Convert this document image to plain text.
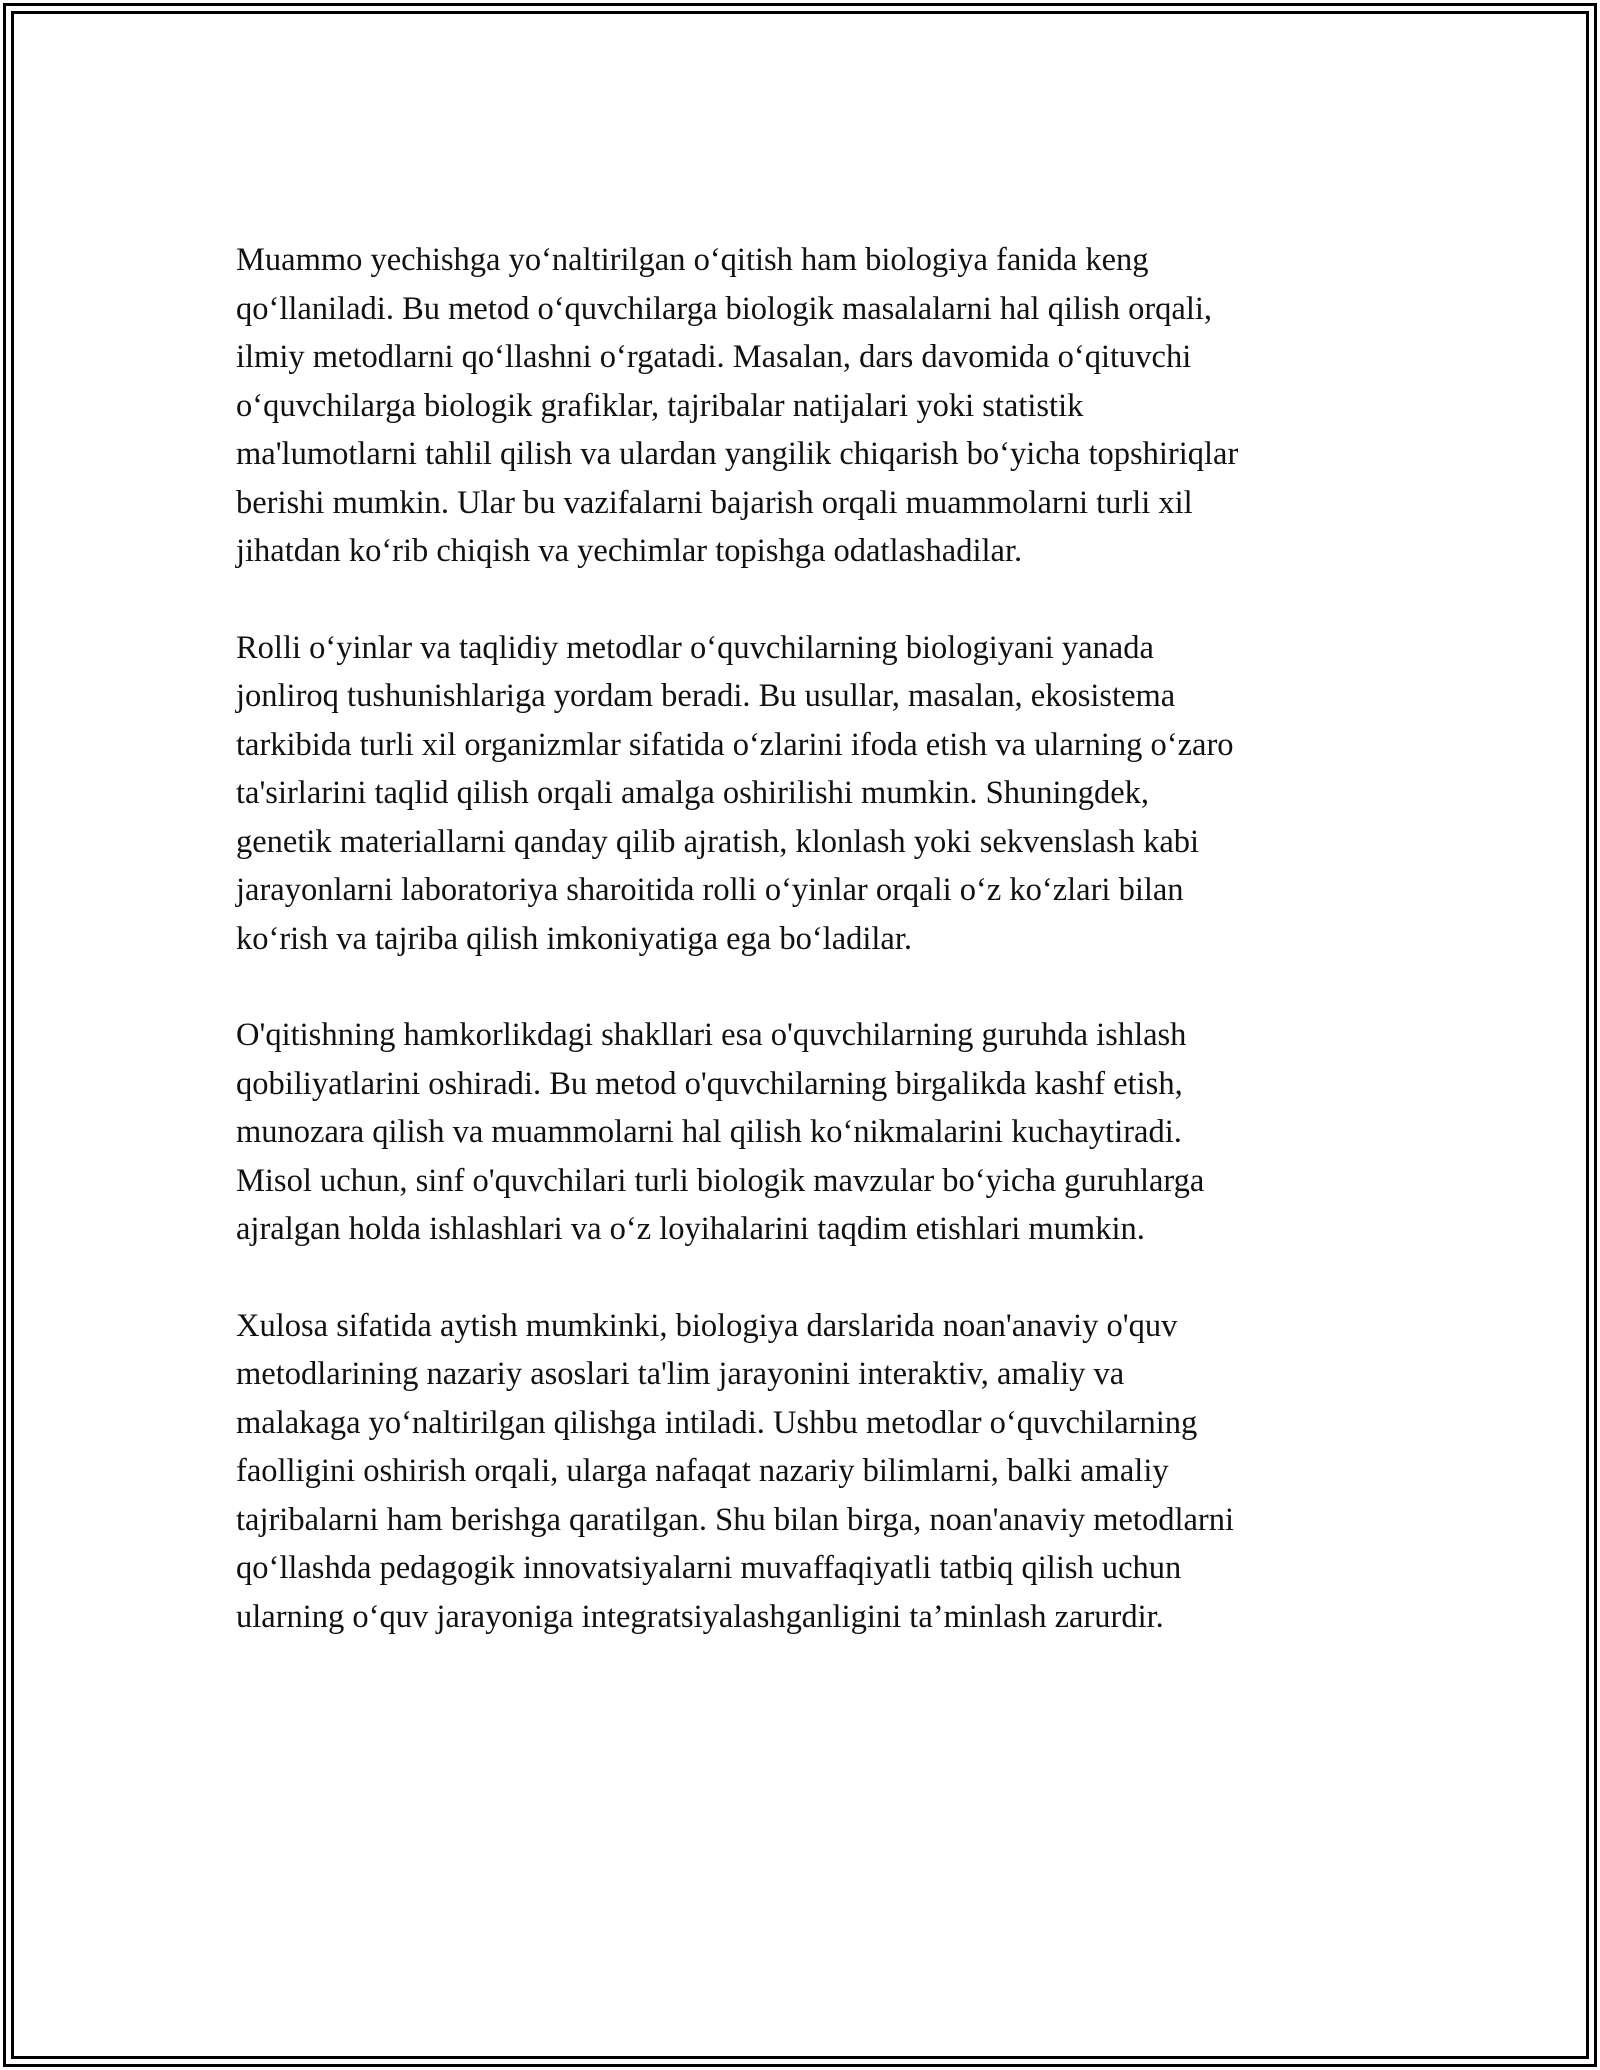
Muammo yechishga yo‘naltirilgan o‘qitish ham biologiya fanida keng
qo‘llaniladi. Bu metod o‘quvchilarga biologik masalalarni hal qilish orqali,
ilmiy metodlarni qo‘llashni o‘rgatadi. Masalan, dars davomida o‘qituvchi
o‘quvchilarga biologik grafiklar, tajribalar natijalari yoki statistik
ma'lumotlarni tahlil qilish va ulardan yangilik chiqarish bo‘yicha topshiriqlar
berishi mumkin. Ular bu vazifalarni bajarish orqali muammolarni turli xil
jihatdan ko‘rib chiqish va yechimlar topishga odatlashadilar.

Rolli o‘yinlar va taqlidiy metodlar o‘quvchilarning biologiyani yanada
jonliroq tushunishlariga yordam beradi. Bu usullar, masalan, ekosistema
tarkibida turli xil organizmlar sifatida o‘zlarini ifoda etish va ularning o‘zaro
ta'sirlarini taqlid qilish orqali amalga oshirilishi mumkin. Shuningdek,
genetik materiallarni qanday qilib ajratish, klonlash yoki sekvenslash kabi
jarayonlarni laboratoriya sharoitida rolli o‘yinlar orqali o‘z ko‘zlari bilan
ko‘rish va tajriba qilish imkoniyatiga ega bo‘ladilar.

O'qitishning hamkorlikdagi shakllari esa o'quvchilarning guruhda ishlash
qobiliyatlarini oshiradi. Bu metod o'quvchilarning birgalikda kashf etish,
munozara qilish va muammolarni hal qilish ko‘nikmalarini kuchaytiradi.
Misol uchun, sinf o'quvchilari turli biologik mavzular bo‘yicha guruhlarga
ajralgan holda ishlashlari va o‘z loyihalarini taqdim etishlari mumkin.

Xulosa sifatida aytish mumkinki, biologiya darslarida noan'anaviy o'quv
metodlarining nazariy asoslari ta'lim jarayonini interaktiv, amaliy va
malakaga yo‘naltirilgan qilishga intiladi. Ushbu metodlar o‘quvchilarning
faolligini oshirish orqali, ularga nafaqat nazariy bilimlarni, balki amaliy
tajribalarni ham berishga qaratilgan. Shu bilan birga, noan'anaviy metodlarni
qo‘llashda pedagogik innovatsiyalarni muvaffaqiyatli tatbiq qilish uchun
ularning o‘quv jarayoniga integratsiyalashganligini ta’minlash zarurdir.
